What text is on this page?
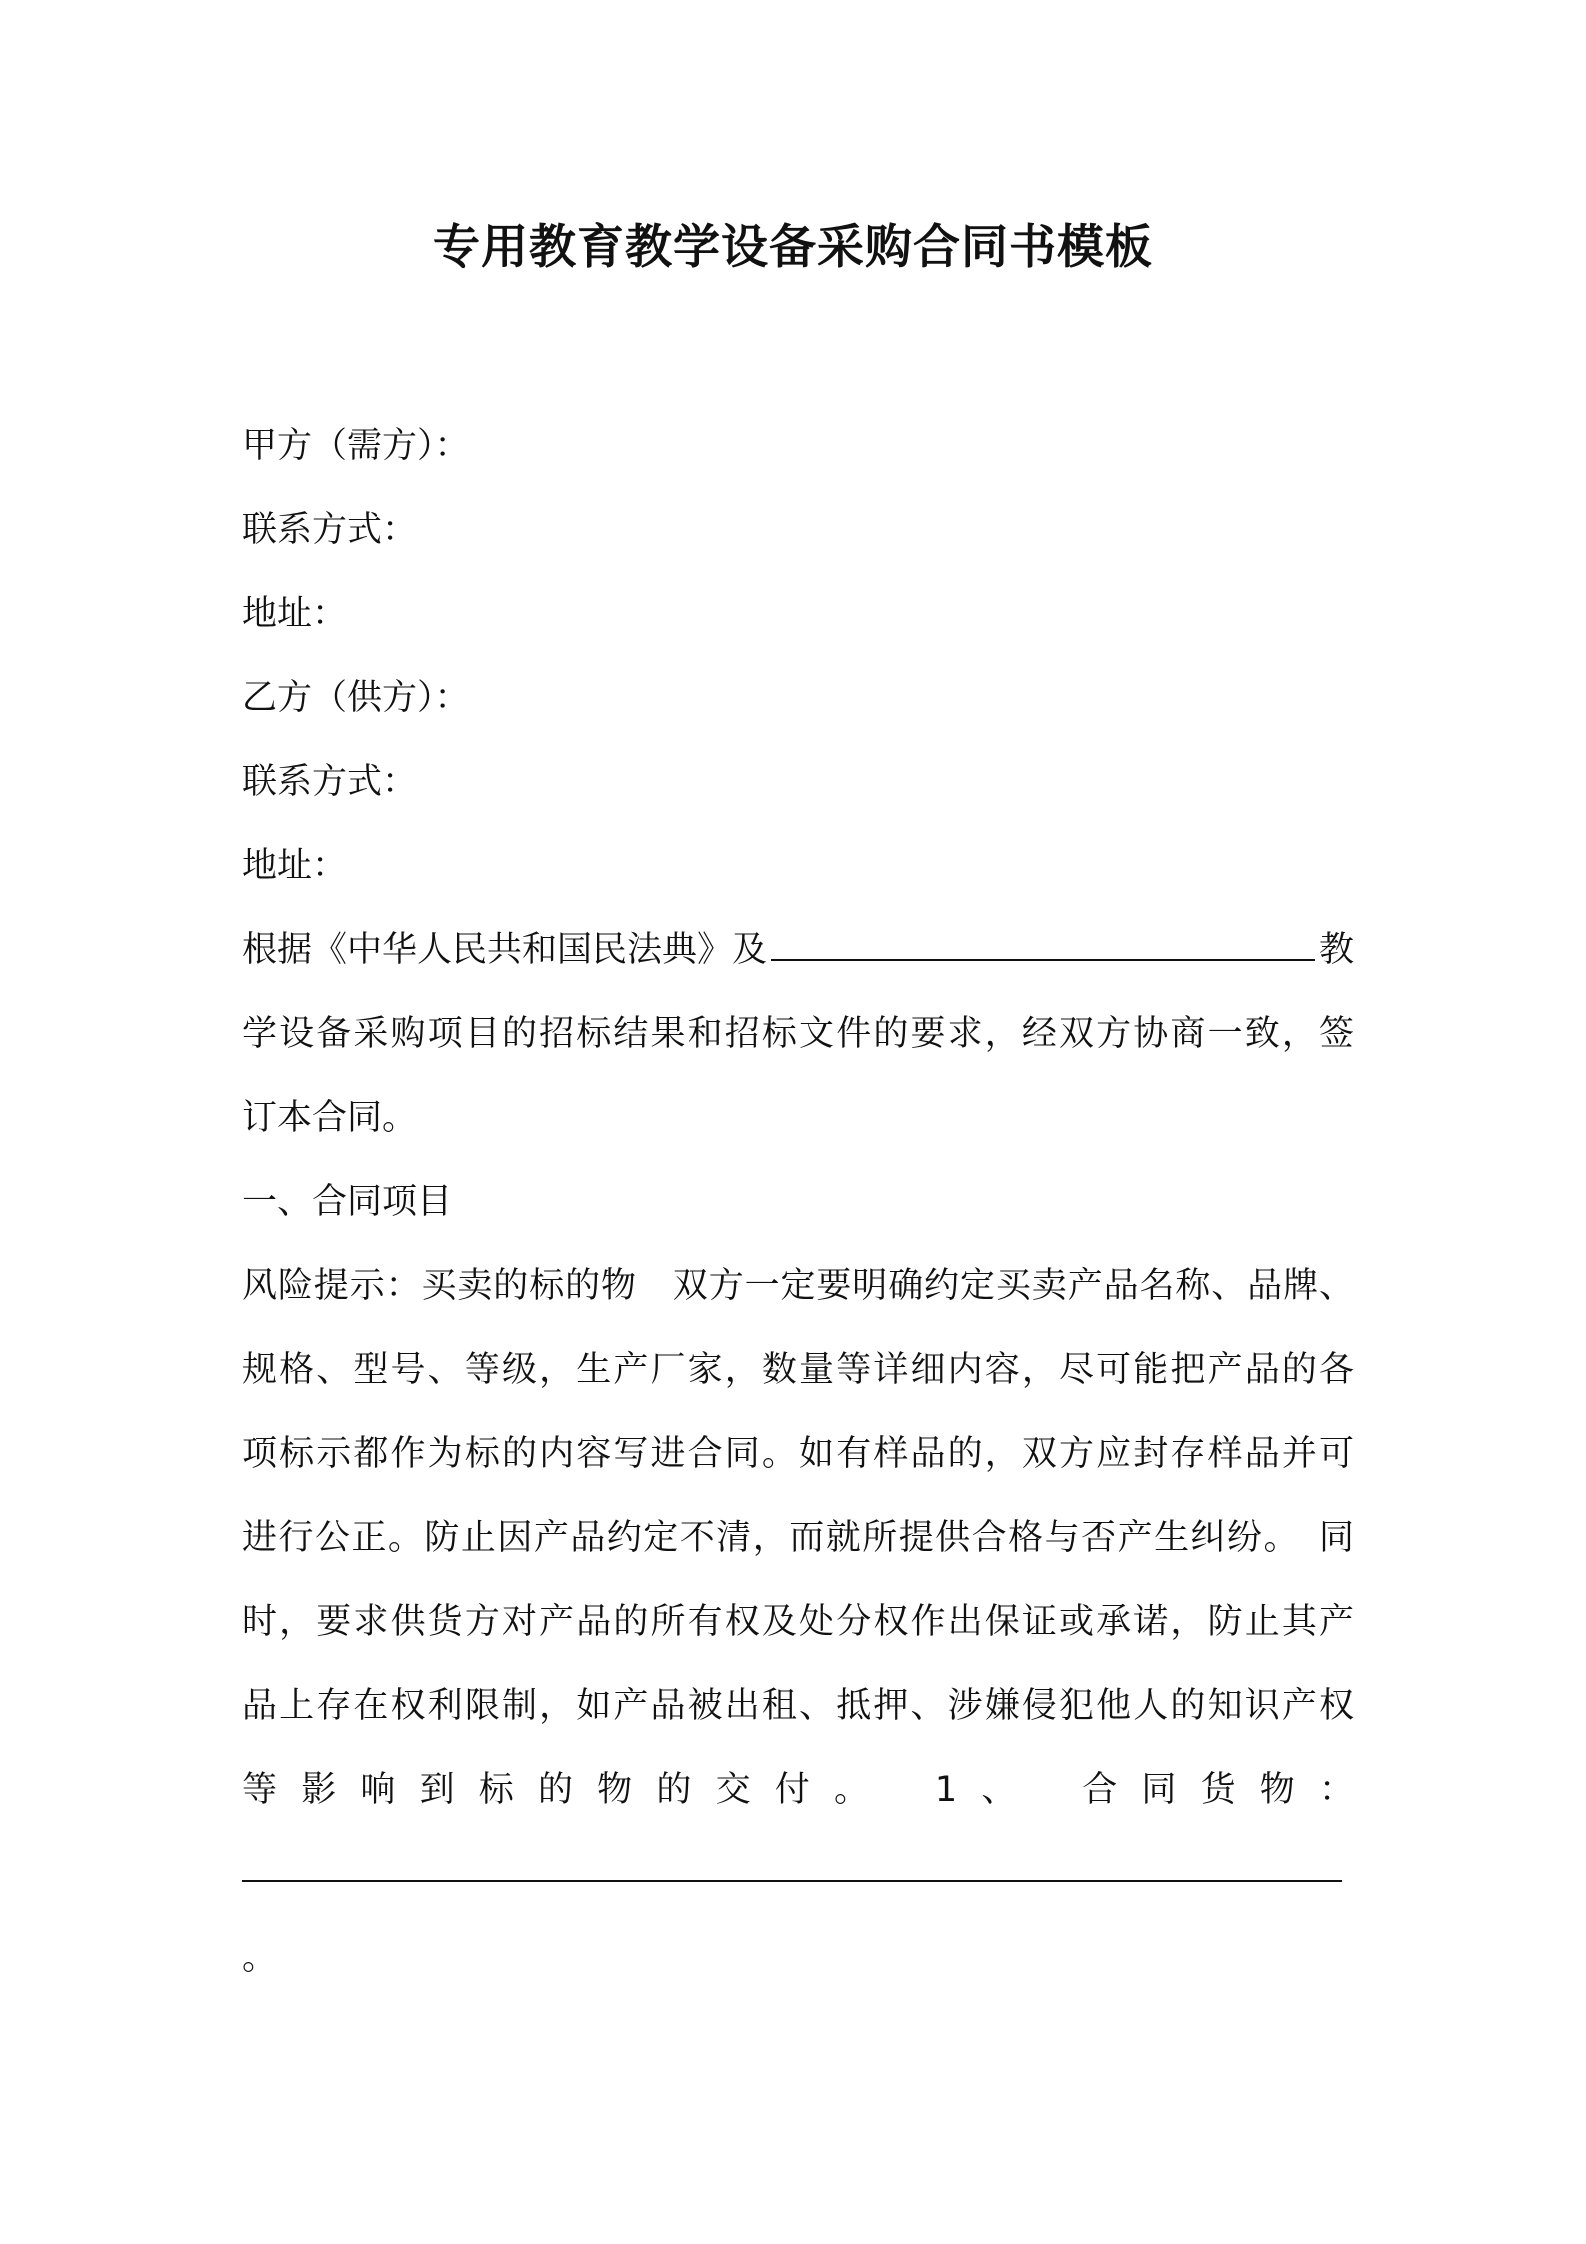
专用教育教学设备采购合同书模板
甲方（需方）：
联系方式：
地址：
乙方（供方）：
联系方式：
地址：
根据《中华人民共和国民法典》及	教
学设备采购项目的招标结果和招标文件的要求，经双方协商一致，签
订本合同。
一、合同项目
风险提示：买卖的标的物　双方一定要明确约定买卖产品名称、品牌、
规格、型号、等级，生产厂家，数量等详细内容，尽可能把产品的各
项标示都作为标的内容写进合同。如有样品的，双方应封存样品并可
进行公正。防止因产品约定不清，而就所提供合格与否产生纠纷。　同
时，要求供货方对产品的所有权及处分权作出保证或承诺，防止其产
品上存在权利限制，如产品被出租、抵押、涉嫌侵犯他人的知识产权
等影响到标的物的交付。　1、　合同货物：
。
